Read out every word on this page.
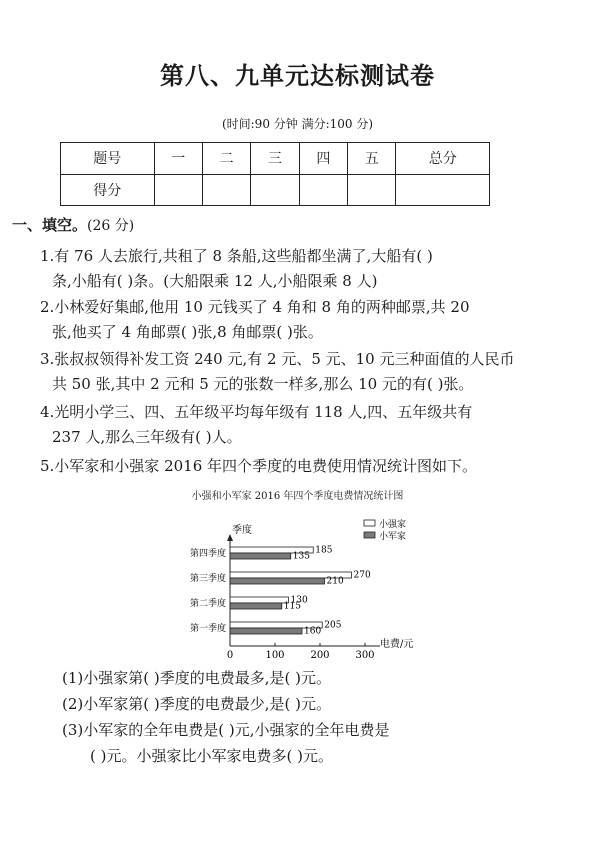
第八、九单元达标测试卷
(时间:90 分钟 满分:100 分)
题号	一	二	三	四	五	总分
得分						
一、填空。(26 分)
1.有 76 人去旅行,共租了 8 条船,这些船都坐满了,大船有( )
条,小船有( )条。(大船限乘 12 人,小船限乘 8 人)
2.小林爱好集邮,他用 10 元钱买了 4 角和 8 角的两种邮票,共 20
张,他买了 4 角邮票( )张,8 角邮票( )张。
3.张叔叔领得补发工资 240 元,有 2 元、5 元、10 元三种面值的人民币
共 50 张,其中 2 元和 5 元的张数一样多,那么 10 元的有( )张。
4.光明小学三、四、五年级平均每年级有 118 人,四、五年级共有
237 人,那么三年级有( )人。
5.小军家和小强家 2016 年四个季度的电费使用情况统计图如下。
小强和小军家 2016 年四个季度电费情况统计图
季度
电费/元
小强家
小军家
0	100	200	300
第一季度	205
160
第二季度	130
115
第三季度	270
210
第四季度	185
135
(1)小强家第( )季度的电费最多,是( )元。
(2)小军家第( )季度的电费最少,是( )元。
(3)小军家的全年电费是( )元,小强家的全年电费是
( )元。小强家比小军家电费多( )元。
